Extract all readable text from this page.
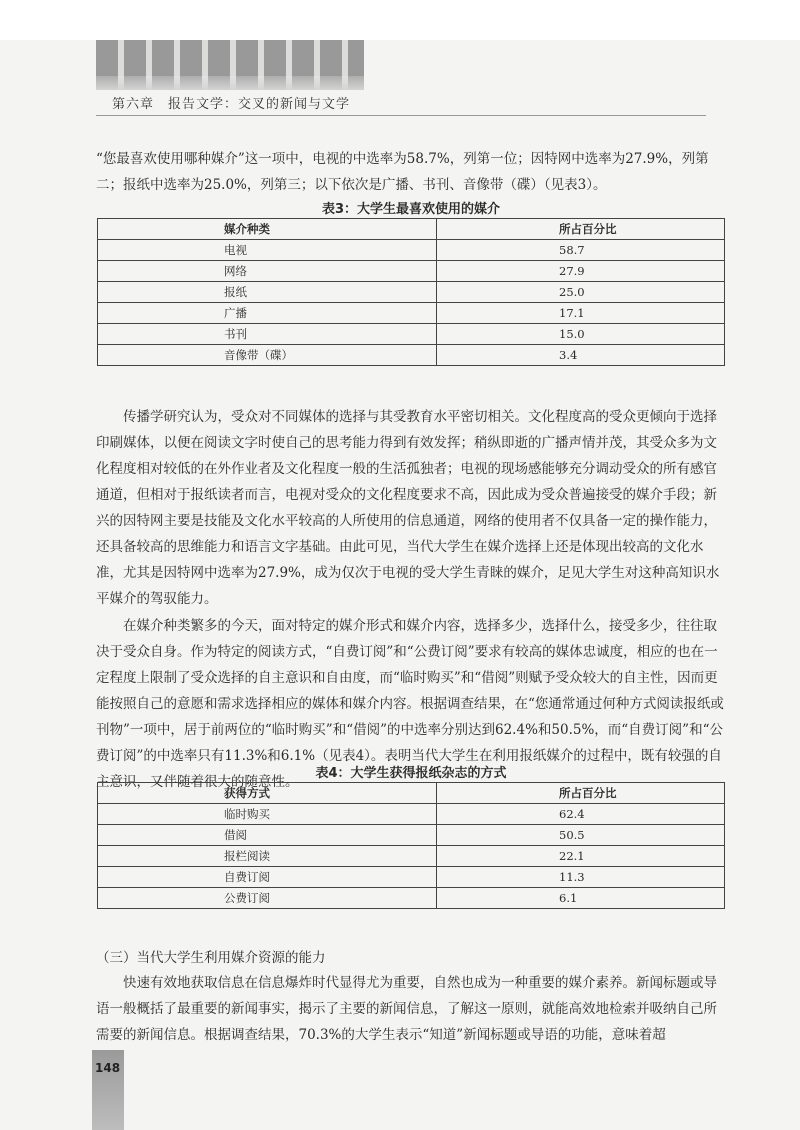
第六章　报告文学：交叉的新闻与文学

“您最喜欢使用哪种媒介”这一项中，电视的中选率为58.7%，列第一位；因特网中选率为27.9%，列第二；报纸中选率为25.0%，列第三；以下依次是广播、书刊、音像带（碟）（见表3）。

表3：大学生最喜欢使用的媒介
媒介种类	所占百分比
电视	58.7
网络	27.9
报纸	25.0
广播	17.1
书刊	15.0
音像带（碟）	3.4

传播学研究认为，受众对不同媒体的选择与其受教育水平密切相关。文化程度高的受众更倾向于选择印刷媒体，以便在阅读文字时使自己的思考能力得到有效发挥；稍纵即逝的广播声情并茂，其受众多为文化程度相对较低的在外作业者及文化程度一般的生活孤独者；电视的现场感能够充分调动受众的所有感官通道，但相对于报纸读者而言，电视对受众的文化程度要求不高，因此成为受众普遍接受的媒介手段；新兴的因特网主要是技能及文化水平较高的人所使用的信息通道，网络的使用者不仅具备一定的操作能力，还具备较高的思维能力和语言文字基础。由此可见，当代大学生在媒介选择上还是体现出较高的文化水准，尤其是因特网中选率为27.9%，成为仅次于电视的受大学生青睐的媒介，足见大学生对这种高知识水平媒介的驾驭能力。

在媒介种类繁多的今天，面对特定的媒介形式和媒介内容，选择多少，选择什么，接受多少，往往取决于受众自身。作为特定的阅读方式，“自费订阅”和“公费订阅”要求有较高的媒体忠诚度，相应的也在一定程度上限制了受众选择的自主意识和自由度，而“临时购买”和“借阅”则赋予受众较大的自主性，因而更能按照自己的意愿和需求选择相应的媒体和媒介内容。根据调查结果，在“您通常通过何种方式阅读报纸或刊物”一项中，居于前两位的“临时购买”和“借阅”的中选率分别达到62.4%和50.5%，而“自费订阅”和“公费订阅”的中选率只有11.3%和6.1%（见表4）。表明当代大学生在利用报纸媒介的过程中，既有较强的自主意识，又伴随着很大的随意性。

表4：大学生获得报纸杂志的方式
获得方式	所占百分比
临时购买	62.4
借阅	50.5
报栏阅读	22.1
自费订阅	11.3
公费订阅	6.1
（三）当代大学生利用媒介资源的能力

快速有效地获取信息在信息爆炸时代显得尤为重要，自然也成为一种重要的媒介素养。新闻标题或导语一般概括了最重要的新闻事实，揭示了主要的新闻信息，了解这一原则，就能高效地检索并吸纳自己所需要的新闻信息。根据调查结果，70.3%的大学生表示“知道”新闻标题或导语的功能，意味着超

148
